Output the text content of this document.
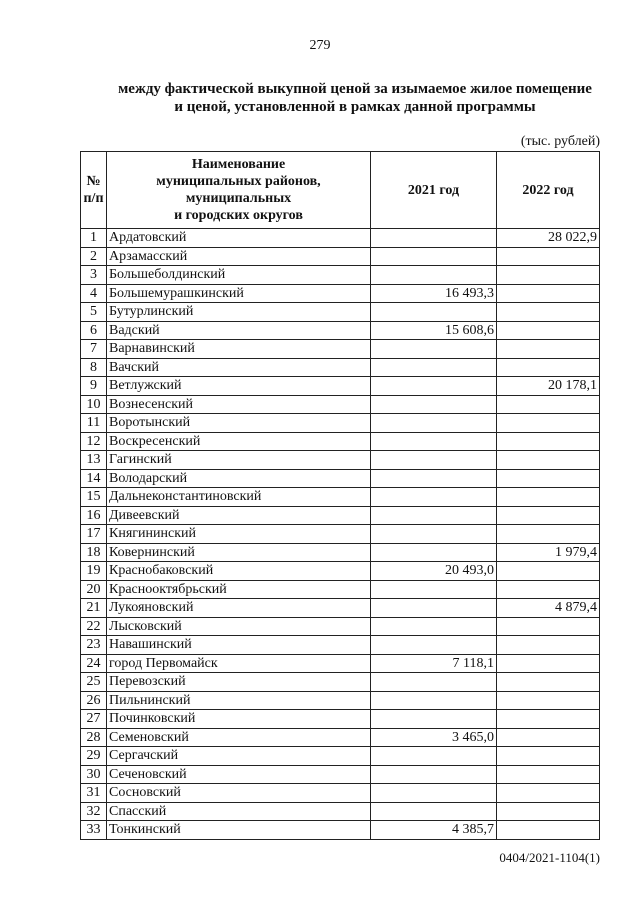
279
между фактической выкупной ценой за изымаемое жилое помещение
и ценой, установленной в рамках данной программы
(тыс. рублей)
№
п/п	Наименование
муниципальных районов,
муниципальных
и городских округов	2021 год	2022 год
1	Ардатовский		28 022,9
2	Арзамасский		
3	Большеболдинский		
4	Большемурашкинский	16 493,3	
5	Бутурлинский		
6	Вадский	15 608,6	
7	Варнавинский		
8	Вачский		
9	Ветлужский		20 178,1
10	Вознесенский		
11	Воротынский		
12	Воскресенский		
13	Гагинский		
14	Володарский		
15	Дальнеконстантиновский		
16	Дивеевский		
17	Княгининский		
18	Ковернинский		1 979,4
19	Краснобаковский	20 493,0	
20	Краснооктябрьский		
21	Лукояновский		4 879,4
22	Лысковский		
23	Навашинский		
24	город Первомайск	7 118,1	
25	Перевозский		
26	Пильнинский		
27	Починковский		
28	Семеновский	3 465,0	
29	Сергачский		
30	Сеченовский		
31	Сосновский		
32	Спасский		
33	Тонкинский	4 385,7	
0404/2021-1104(1)
